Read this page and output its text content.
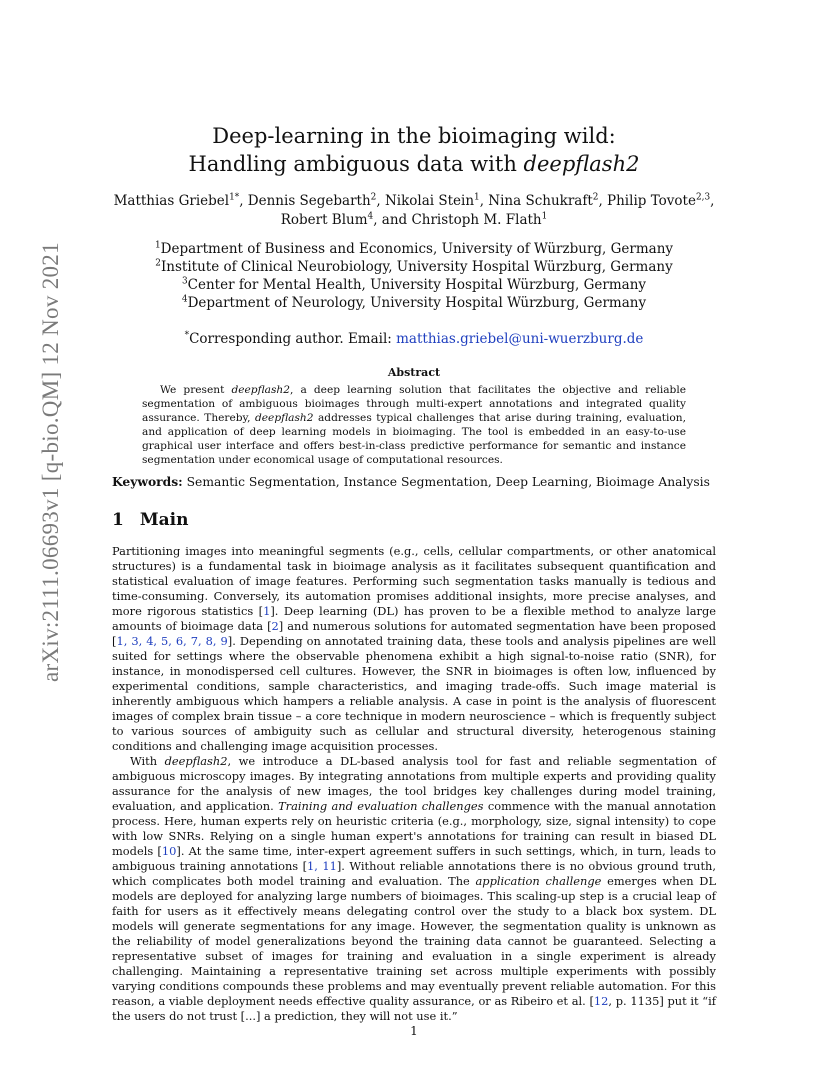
arXiv:2111.06693v1 [q-bio.QM] 12 Nov 2021
Deep-learning in the bioimaging wild:
Handling ambiguous data with deepflash2
Matthias Griebel$^{1*}$, Dennis Segebarth$^2$, Nikolai Stein$^1$, Nina Schukraft$^2$, Philip Tovote$^{2,3}$,
Robert Blum$^4$, and Christoph M. Flath$^1$
$^1$Department of Business and Economics, University of Würzburg, Germany
$^2$Institute of Clinical Neurobiology, University Hospital Würzburg, Germany
$^3$Center for Mental Health, University Hospital Würzburg, Germany
$^4$Department of Neurology, University Hospital Würzburg, Germany
*Corresponding author. Email: matthias.griebel@uni-wuerzburg.de
Abstract
We present deepflash2, a deep learning solution that facilitates the objective and reliable segmentation of ambiguous bioimages through multi-expert annotations and integrated quality assurance. Thereby, deepflash2 addresses typical challenges that arise during training, evaluation, and application of deep learning models in bioimaging. The tool is embedded in an easy-to-use graphical user interface and offers best-in-class predictive performance for semantic and instance segmentation under economical usage of computational resources.
Keywords: Semantic Segmentation, Instance Segmentation, Deep Learning, Bioimage Analysis
1 Main

Partitioning images into meaningful segments (e.g., cells, cellular compartments, or other anatomical structures) is a fundamental task in bioimage analysis as it facilitates subsequent quantification and statistical evaluation of image features. Performing such segmentation tasks manually is tedious and time-consuming. Conversely, its automation promises additional insights, more precise analyses, and more rigorous statistics [1]. Deep learning (DL) has proven to be a flexible method to analyze large amounts of bioimage data [2] and numerous solutions for automated segmentation have been proposed [1, 3, 4, 5, 6, 7, 8, 9]. Depending on annotated training data, these tools and analysis pipelines are well suited for settings where the observable phenomena exhibit a high signal-to-noise ratio (SNR), for instance, in monodispersed cell cultures. However, the SNR in bioimages is often low, influenced by experimental conditions, sample characteristics, and imaging trade-offs. Such image material is inherently ambiguous which hampers a reliable analysis. A case in point is the analysis of fluorescent images of complex brain tissue – a core technique in modern neuroscience – which is frequently subject to various sources of ambiguity such as cellular and structural diversity, heterogenous staining conditions and challenging image acquisition processes.

With deepflash2, we introduce a DL-based analysis tool for fast and reliable segmentation of ambiguous microscopy images. By integrating annotations from multiple experts and providing quality assurance for the analysis of new images, the tool bridges key challenges during model training, evaluation, and application. Training and evaluation challenges commence with the manual annotation process. Here, human experts rely on heuristic criteria (e.g., morphology, size, signal intensity) to cope with low SNRs. Relying on a single human expert's annotations for training can result in biased DL models [10]. At the same time, inter-expert agreement suffers in such settings, which, in turn, leads to ambiguous training annotations [1, 11]. Without reliable annotations there is no obvious ground truth, which complicates both model training and evaluation. The application challenge emerges when DL models are deployed for analyzing large numbers of bioimages. This scaling-up step is a crucial leap of faith for users as it effectively means delegating control over the study to a black box system. DL models will generate segmentations for any image. However, the segmentation quality is unknown as the reliability of model generalizations beyond the training data cannot be guaranteed. Selecting a representative subset of images for training and evaluation in a single experiment is already challenging. Maintaining a representative training set across multiple experiments with possibly varying conditions compounds these problems and may eventually prevent reliable automation. For this reason, a viable deployment needs effective quality assurance, or as Ribeiro et al. [12, p. 1135] put it “if the users do not trust [...] a prediction, they will not use it.”

1
